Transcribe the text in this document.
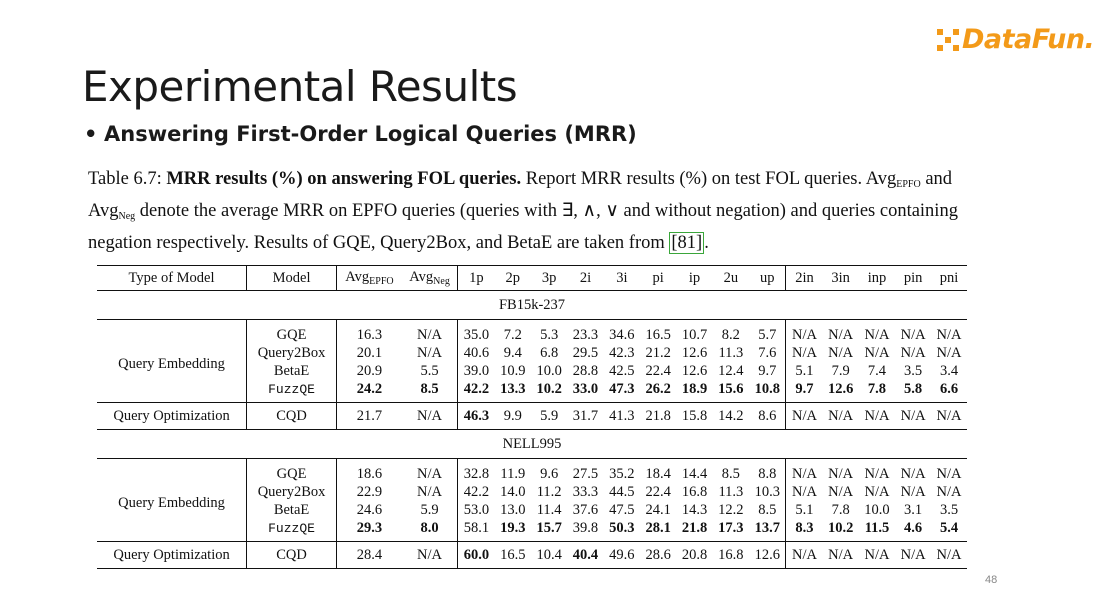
DataFun.
Experimental Results
• Answering First-Order Logical Queries (MRR)
Table 6.7: MRR results (%) on answering FOL queries. Report MRR results (%) on test FOL queries. Avg$_{EPFO}$ and Avg$_{Neg}$ denote the average MRR on EPFO queries (queries with ∃, ∧, ∨ and without negation) and queries containing negation respectively. Results of GQE, Query2Box, and BetaE are taken from [81] .
Type of Model	Model	Avg$_{EPFO}$	Avg$_{Neg}$	1p	2p	3p	2i	3i	pi	ip	2u	up	2in	3in	inp	pin	pni
FB15k-237																	
Query Embedding	GQE	16.3	N/A	35.0	7.2	5.3	23.3	34.6	16.5	10.7	8.2	5.7	N/A	N/A	N/A	N/A	N/A
	Query2Box	20.1	N/A	40.6	9.4	6.8	29.5	42.3	21.2	12.6	11.3	7.6	N/A	N/A	N/A	N/A	N/A
	BetaE	20.9	5.5	39.0	10.9	10.0	28.8	42.5	22.4	12.6	12.4	9.7	5.1	7.9	7.4	3.5	3.4
	FuzzQE	24.2	8.5	42.2	13.3	10.2	33.0	47.3	26.2	18.9	15.6	10.8	9.7	12.6	7.8	5.8	6.6
Query Optimization	CQD	21.7	N/A	46.3	9.9	5.9	31.7	41.3	21.8	15.8	14.2	8.6	N/A	N/A	N/A	N/A	N/A
NELL995																	
Query Embedding	GQE	18.6	N/A	32.8	11.9	9.6	27.5	35.2	18.4	14.4	8.5	8.8	N/A	N/A	N/A	N/A	N/A
	Query2Box	22.9	N/A	42.2	14.0	11.2	33.3	44.5	22.4	16.8	11.3	10.3	N/A	N/A	N/A	N/A	N/A
	BetaE	24.6	5.9	53.0	13.0	11.4	37.6	47.5	24.1	14.3	12.2	8.5	5.1	7.8	10.0	3.1	3.5
	FuzzQE	29.3	8.0	58.1	19.3	15.7	39.8	50.3	28.1	21.8	17.3	13.7	8.3	10.2	11.5	4.6	5.4
Query Optimization	CQD	28.4	N/A	60.0	16.5	10.4	40.4	49.6	28.6	20.8	16.8	12.6	N/A	N/A	N/A	N/A	N/A
48
